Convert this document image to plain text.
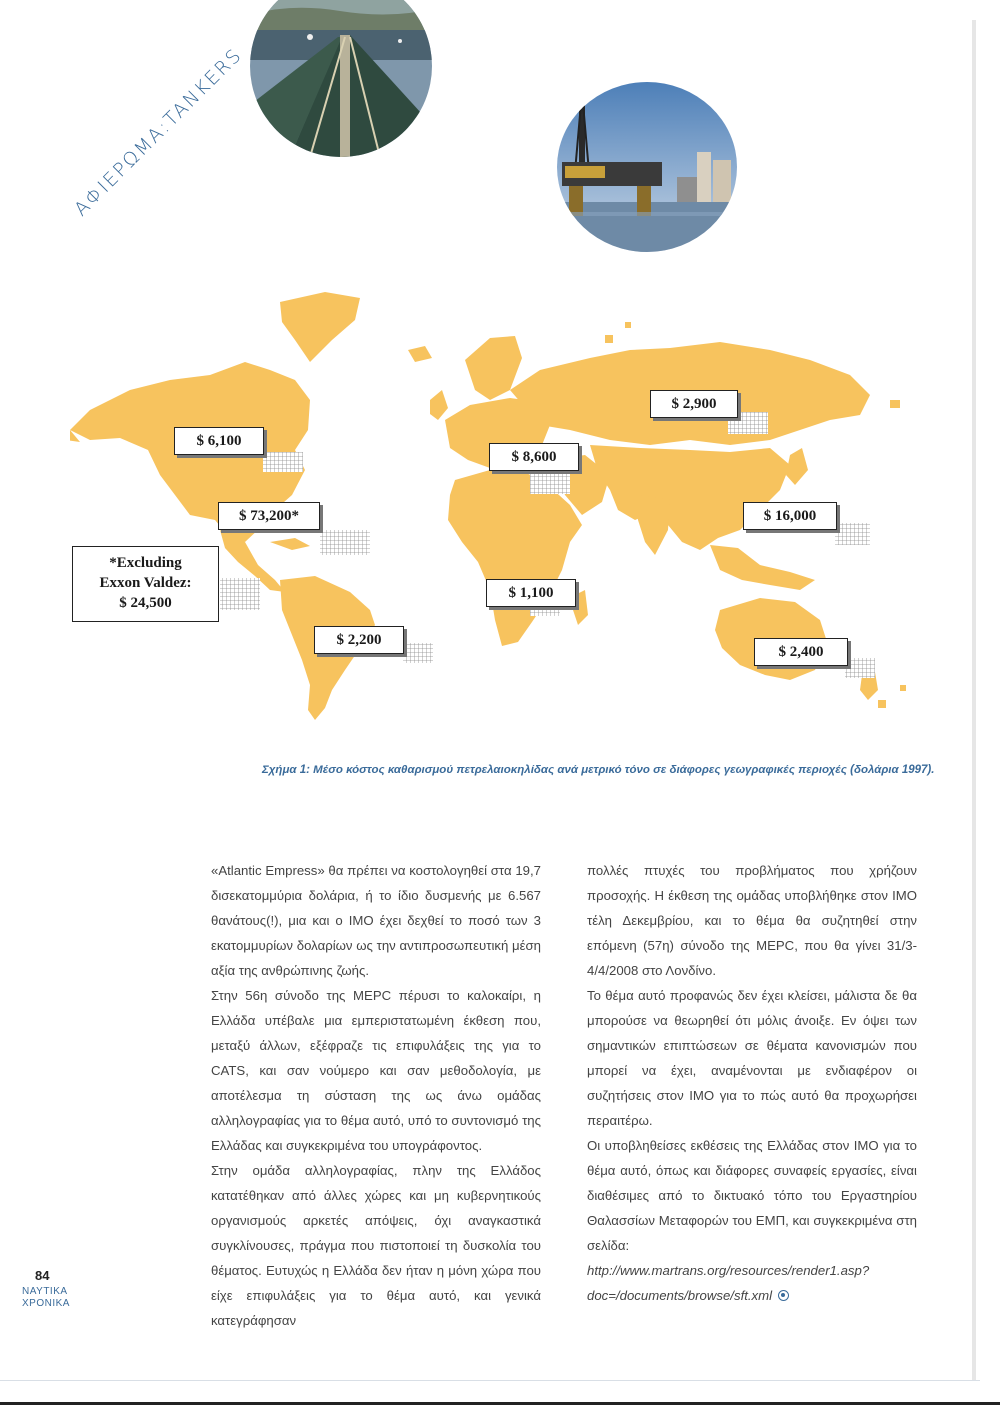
ΑΦΙΕΡΩΜΑ:TANKERS
$ 6,100
$ 73,200*
$ 2,200
$ 8,600
$ 1,100
$ 2,900
$ 16,000
$ 2,400
*Excluding
Exxon Valdez:
$ 24,500
Σχήμα 1: Μέσο κόστος καθαρισμού πετρελαιοκηλίδας ανά μετρικό τόνο σε διάφορες γεωγραφικές περιοχές (δολάρια 1997).

«Atlantic Empress» θα πρέπει να κοστολογηθεί στα 19,7 δισεκατομμύρια δολάρια, ή το ίδιο δυσμενής με 6.567 θανάτους(!), μια και ο ΙΜΟ έχει δεχθεί το ποσό των 3 εκατομμυρίων δολαρίων ως την αντιπροσωπευτική μέση αξία της ανθρώπινης ζωής.

Στην 56η σύνοδο της MEPC πέρυσι το καλοκαίρι, η Ελλάδα υπέβαλε μια εμπεριστατωμένη έκθεση που, μεταξύ άλλων, εξέφραζε τις επιφυλάξεις της για το CATS, και σαν νούμερο και σαν μεθοδολογία, με αποτέλεσμα τη σύσταση της ως άνω ομάδας αλληλογραφίας για το θέμα αυτό, υπό το συντονισμό της Ελλάδας και συγκεκριμένα του υπογράφοντος.

Στην ομάδα αλληλογραφίας, πλην της Ελλάδος κατατέθηκαν από άλλες χώρες και μη κυβερνητικούς οργανισμούς αρκετές απόψεις, όχι αναγκαστικά συγκλίνουσες, πράγμα που πιστοποιεί τη δυσκολία του θέματος. Ευτυχώς η Ελλάδα δεν ήταν η μόνη χώρα που είχε επιφυλάξεις για το θέμα αυτό, και γενικά κατεγράφησαν

πολλές πτυχές του προβλήματος που χρήζουν προσοχής. Η έκθεση της ομάδας υποβλήθηκε στον ΙΜΟ τέλη Δεκεμβρίου, και το θέμα θα συζητηθεί στην επόμενη (57η) σύνοδο της MEPC, που θα γίνει 31/3-4/4/2008 στο Λονδίνο.

Το θέμα αυτό προφανώς δεν έχει κλείσει, μάλιστα δε θα μπορούσε να θεωρηθεί ότι μόλις άνοιξε. Εν όψει των σημαντικών επιπτώσεων σε θέματα κανονισμών που μπορεί να έχει, αναμένονται με ενδιαφέρον οι συζητήσεις στον ΙΜΟ για το πώς αυτό θα προχωρήσει περαιτέρω.

Οι υποβληθείσες εκθέσεις της Ελλάδας στον ΙΜΟ για το θέμα αυτό, όπως και διάφορες συναφείς εργασίες, είναι διαθέσιμες από το δικτυακό τόπο του Εργαστηρίου Θαλασσίων Μεταφορών του ΕΜΠ, και συγκεκριμένα στη σελίδα:

http://www.martrans.org/resources/render1.asp?doc=/documents/browse/sft.xml

84
ΝΑΥΤΙΚΑ
ΧΡΟΝΙΚΑ
